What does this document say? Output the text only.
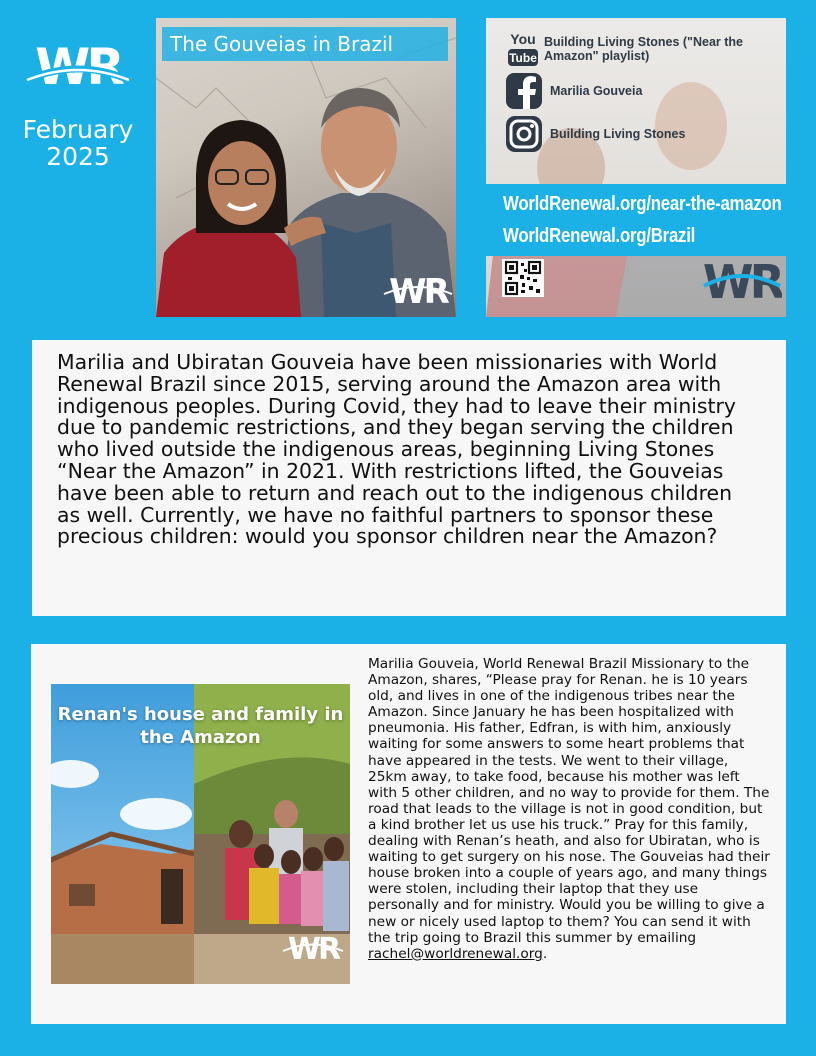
WR
February
2025
WR
The Gouveias in Brazil	You
Tube
Building Living Stones ("Near the Amazon" playlist)
Marilia Gouveia
Building Living Stones
WorldRenewal.org/near-the-amazon
WorldRenewal.org/Brazil
WR

Marilia and Ubiratan Gouveia have been missionaries with World Renewal Brazil since 2015, serving around the Amazon area with indigenous peoples. During Covid, they had to leave their ministry due to pandemic restrictions, and they began serving the children who lived outside the indigenous areas, beginning Living Stones “Near the Amazon” in 2021. With restrictions lifted, the Gouveias have been able to return and reach out to the indigenous children as well. Currently, we have no faithful partners to sponsor these precious children: would you sponsor children near the Amazon?

WR
Renan's house and family in the Amazon

Marilia Gouveia, World Renewal Brazil Missionary to the Amazon, shares, “Please pray for Renan. he is 10 years old, and lives in one of the indigenous tribes near the Amazon. Since January he has been hospitalized with pneumonia. His father, Edfran, is with him, anxiously waiting for some answers to some heart problems that have appeared in the tests. We went to their village, 25km away, to take food, because his mother was left with 5 other children, and no way to provide for them. The road that leads to the village is not in good condition, but a kind brother let us use his truck.” Pray for this family, dealing with Renan’s heath, and also for Ubiratan, who is waiting to get surgery on his nose. The Gouveias had their house broken into a couple of years ago, and many things were stolen, including their laptop that they use personally and for ministry. Would you be willing to give a new or nicely used laptop to them? You can send it with the trip going to Brazil this summer by emailing rachel@worldrenewal.org.
